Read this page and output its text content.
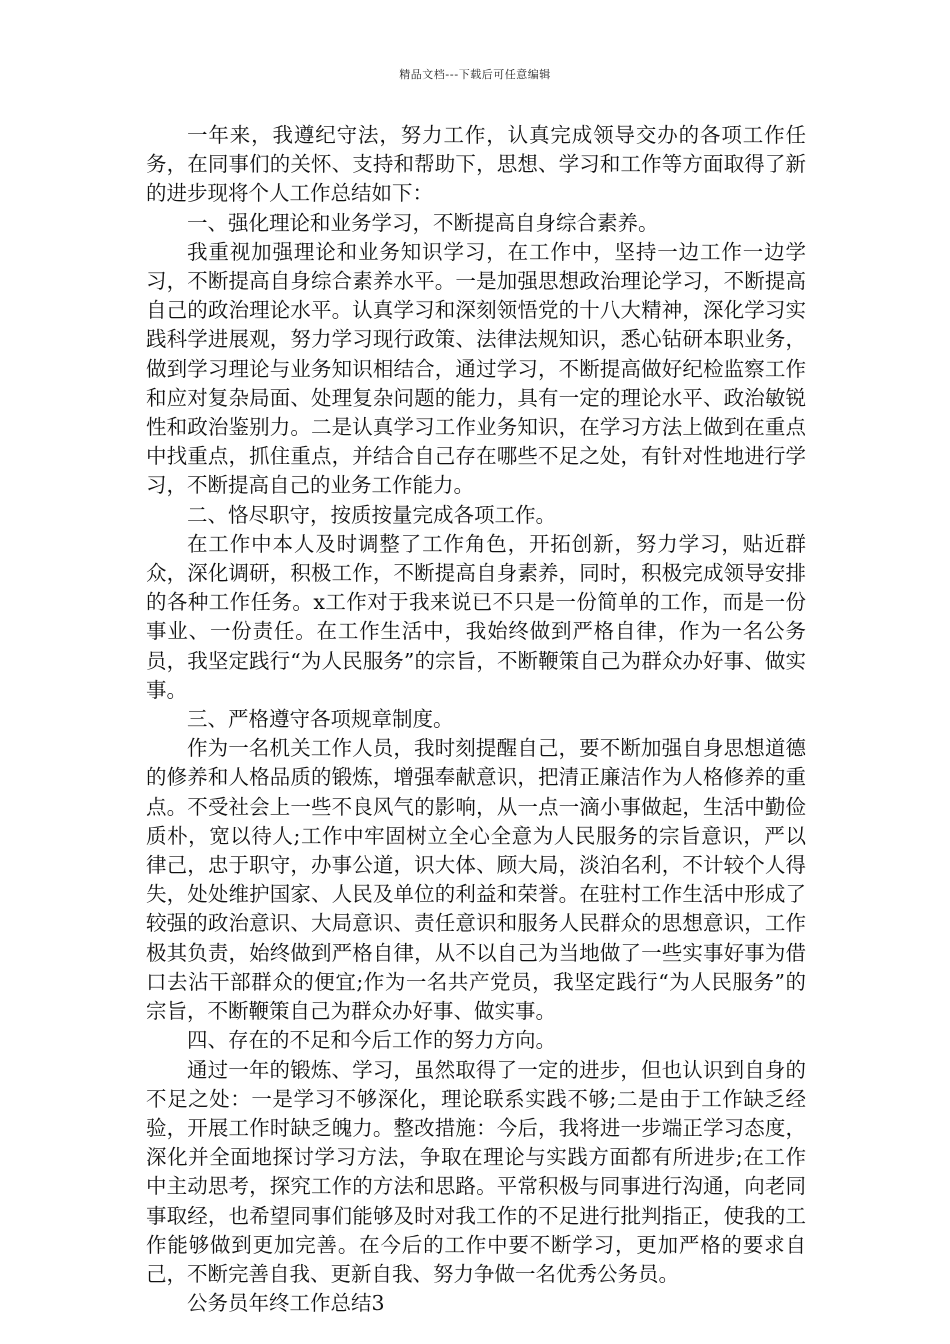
精品文档---下载后可任意编辑

一年来，我遵纪守法，努力工作，认真完成领导交办的各项工作任务，在同事们的关怀、支持和帮助下，思想、学习和工作等方面取得了新的进步现将个人工作总结如下：

一、强化理论和业务学习，不断提高自身综合素养。

我重视加强理论和业务知识学习，在工作中，坚持一边工作一边学习，不断提高自身综合素养水平。一是加强思想政治理论学习，不断提高自己的政治理论水平。认真学习和深刻领悟党的十八大精神，深化学习实践科学进展观，努力学习现行政策、法律法规知识，悉心钻研本职业务，做到学习理论与业务知识相结合，通过学习，不断提高做好纪检监察工作和应对复杂局面、处理复杂问题的能力，具有一定的理论水平、政治敏锐性和政治鉴别力。二是认真学习工作业务知识，在学习方法上做到在重点中找重点，抓住重点，并结合自己存在哪些不足之处，有针对性地进行学习，不断提高自己的业务工作能力。

二、恪尽职守，按质按量完成各项工作。

在工作中本人及时调整了工作角色，开拓创新，努力学习，贴近群众，深化调研，积极工作，不断提高自身素养，同时，积极完成领导安排的各种工作任务。x工作对于我来说已不只是一份简单的工作，而是一份事业、一份责任。在工作生活中，我始终做到严格自律，作为一名公务员，我坚定践行“为人民服务”的宗旨，不断鞭策自己为群众办好事、做实事。

三、严格遵守各项规章制度。

作为一名机关工作人员，我时刻提醒自己，要不断加强自身思想道德的修养和人格品质的锻炼，增强奉献意识，把清正廉洁作为人格修养的重点。不受社会上一些不良风气的影响，从一点一滴小事做起，生活中勤俭质朴，宽以待人;工作中牢固树立全心全意为人民服务的宗旨意识，严以律己，忠于职守，办事公道，识大体、顾大局，淡泊名利，不计较个人得失，处处维护国家、人民及单位的利益和荣誉。在驻村工作生活中形成了较强的政治意识、大局意识、责任意识和服务人民群众的思想意识，工作极其负责，始终做到严格自律，从不以自己为当地做了一些实事好事为借口去沾干部群众的便宜;作为一名共产党员，我坚定践行“为人民服务”的宗旨，不断鞭策自己为群众办好事、做实事。

四、存在的不足和今后工作的努力方向。

通过一年的锻炼、学习，虽然取得了一定的进步，但也认识到自身的不足之处：一是学习不够深化，理论联系实践不够;二是由于工作缺乏经验，开展工作时缺乏魄力。整改措施：今后，我将进一步端正学习态度，深化并全面地探讨学习方法，争取在理论与实践方面都有所进步;在工作中主动思考，探究工作的方法和思路。平常积极与同事进行沟通，向老同事取经，也希望同事们能够及时对我工作的不足进行批判指正，使我的工作能够做到更加完善。在今后的工作中要不断学习，更加严格的要求自己，不断完善自我、更新自我、努力争做一名优秀公务员。

公务员年终工作总结3
